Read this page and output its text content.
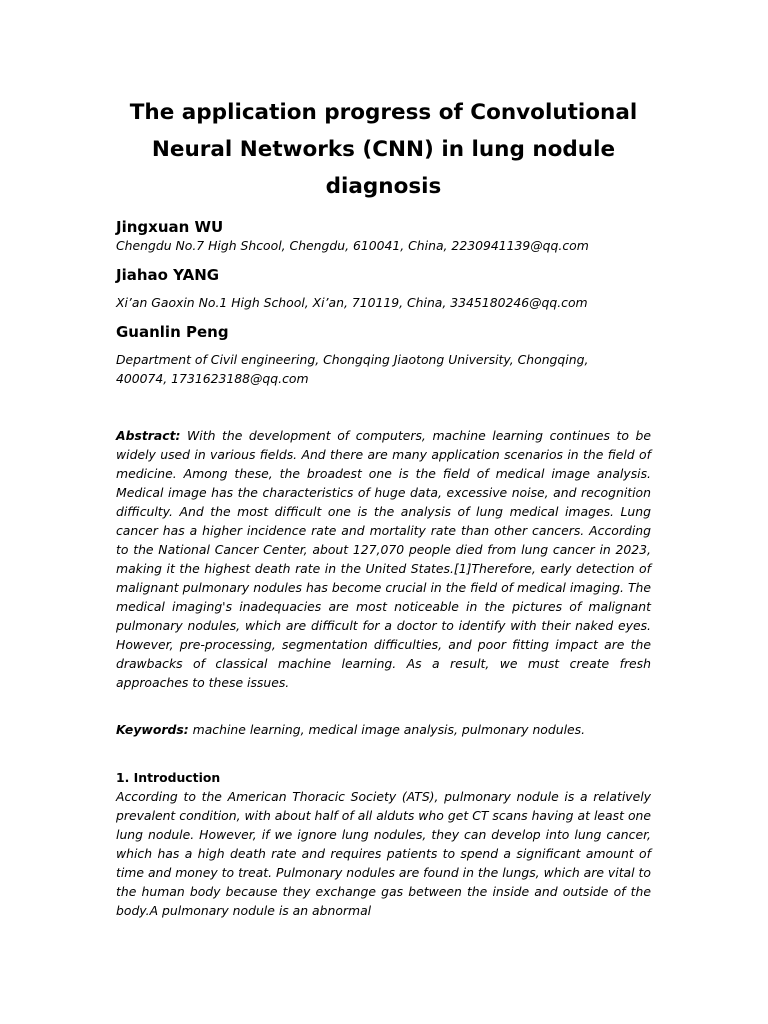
The application progress of Convolutional Neural Networks (CNN) in lung nodule diagnosis
Jingxuan WU
Chengdu No.7 High Shcool, Chengdu, 610041, China, 2230941139@qq.com
Jiahao YANG
Xi’an Gaoxin No.1 High School, Xi’an, 710119, China, 3345180246@qq.com
Guanlin Peng
Department of Civil engineering, Chongqing Jiaotong University, Chongqing, 400074, 1731623188@qq.com
Abstract: With the development of computers, machine learning continues to be widely used in various fields. And there are many application scenarios in the field of medicine. Among these, the broadest one is the field of medical image analysis. Medical image has the characteristics of huge data, excessive noise, and recognition difficulty. And the most difficult one is the analysis of lung medical images. Lung cancer has a higher incidence rate and mortality rate than other cancers. According to the National Cancer Center, about 127,070 people died from lung cancer in 2023, making it the highest death rate in the United States.[1]Therefore, early detection of malignant pulmonary nodules has become crucial in the field of medical imaging. The medical imaging's inadequacies are most noticeable in the pictures of malignant pulmonary nodules, which are difficult for a doctor to identify with their naked eyes. However, pre-processing, segmentation difficulties, and poor fitting impact are the drawbacks of classical machine learning. As a result, we must create fresh approaches to these issues.
Keywords: machine learning, medical image analysis, pulmonary nodules.
1. Introduction
According to the American Thoracic Society (ATS), pulmonary nodule is a relatively prevalent condition, with about half of all alduts who get CT scans having at least one lung nodule. However, if we ignore lung nodules, they can develop into lung cancer, which has a high death rate and requires patients to spend a significant amount of time and money to treat. Pulmonary nodules are found in the lungs, which are vital to the human body because they exchange gas between the inside and outside of the body.A pulmonary nodule is an abnormal
